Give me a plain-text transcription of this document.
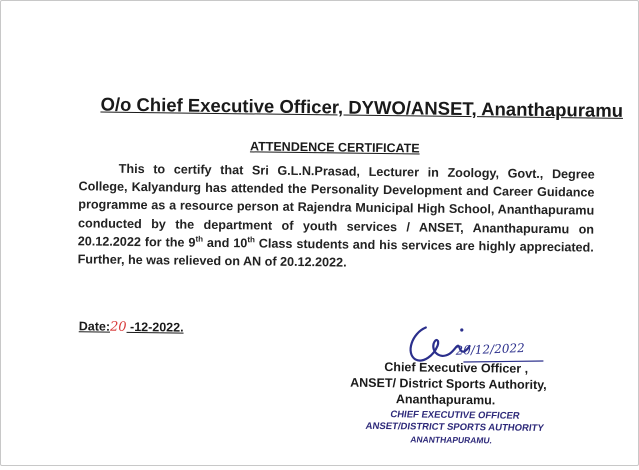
O/o Chief Executive Officer, DYWO/ANSET, Ananthapuramu
ATTENDENCE CERTIFICATE
This to certify that Sri G.L.N.Prasad, Lecturer in Zoology, Govt., Degree College, Kalyandurg has attended the Personality Development and Career Guidance programme as a resource person at Rajendra Municipal High School, Ananthapuramu conducted by the department of youth services / ANSET, Ananthapuramu on 20.12.2022 for the 9th and 10th Class students and his services are highly appreciated. Further, he was relieved on AN of 20.12.2022.
Date:20 -12-2022.
20/12/2022
Chief Executive Officer ,
ANSET/ District Sports Authority,
Ananthapuramu.
CHIEF EXECUTIVE OFFICER
ANSET/DISTRICT SPORTS AUTHORITY
ANANTHAPURAMU.
